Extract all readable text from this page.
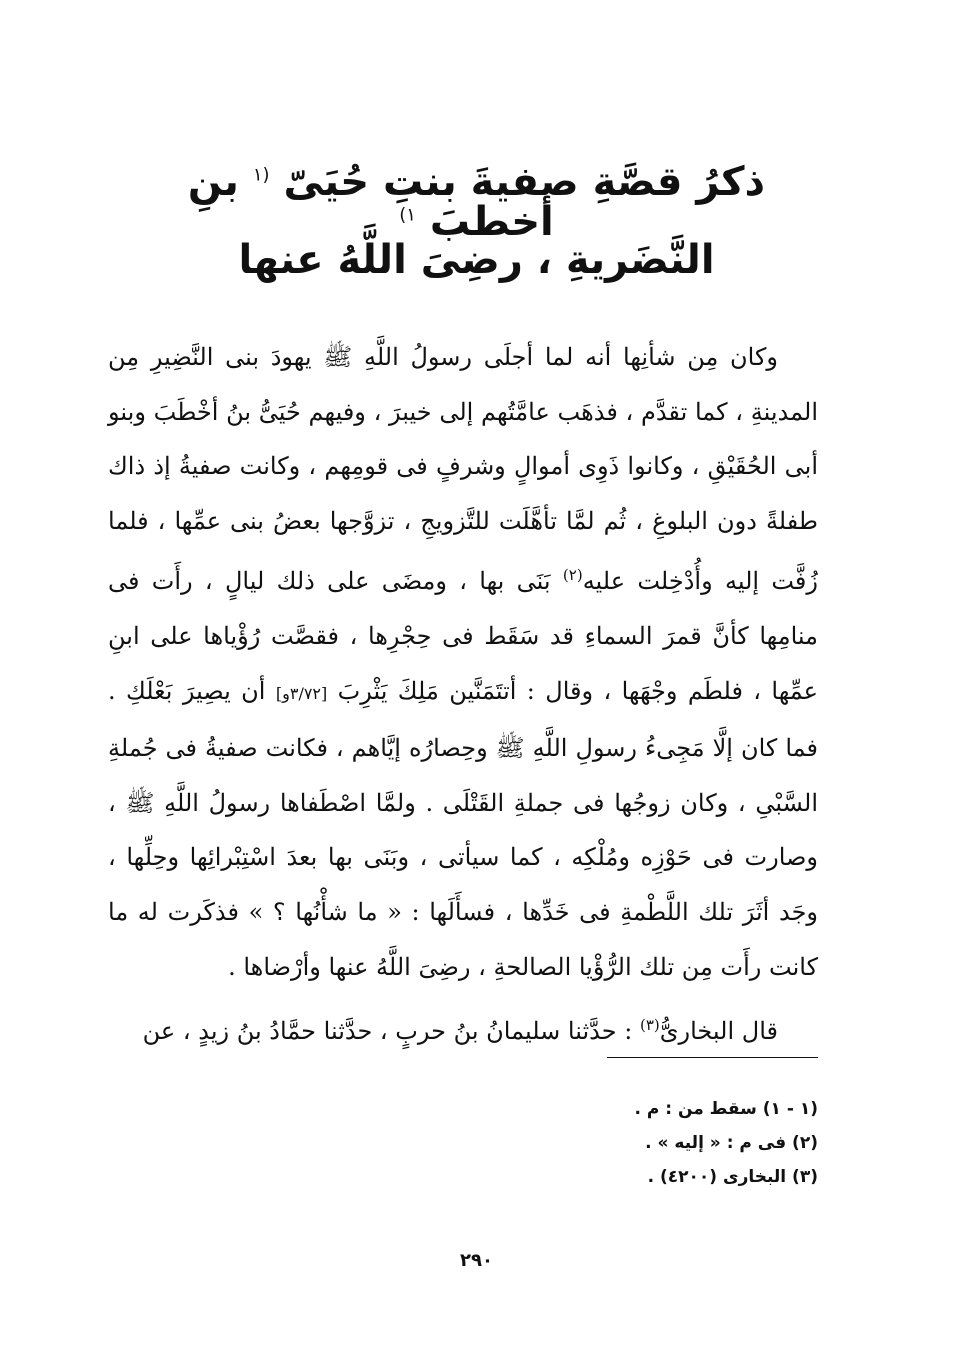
ذكرُ قصَّةِ صفيةَ بنتِ حُيَىّ $^{(١}$ بنِ أخطبَ $^{١)}$
النَّضَريةِ ، رضِىَ اللَّهُ عنها

وكان مِن شأنِها أنه لما أجلَى رسولُ اللَّهِ ﷺ يهودَ بنى النَّضِيرِ مِن المدينةِ ، كما تقدَّم ، فذهَب عامَّتُهم إلى خيبرَ ، وفيهم حُيَىُّ بنُ أخْطَبَ وبنو أبى الحُقَيْقِ ، وكانوا ذَوِى أموالٍ وشرفٍ فى قومِهم ، وكانت صفيةُ إذ ذاك طفلةً دون البلوغِ ، ثُم لمَّا تأهَّلَت للتَّزويجِ ، تزوَّجها بعضُ بنى عمِّها ، فلما زُفَّت إليه وأُدْخِلت عليه$^{(٢)}$ بَنَى بها ، ومضَى على ذلك ليالٍ ، رأَت فى منامِها كأنَّ قمرَ السماءِ قد سَقَط فى حِجْرِها ، فقصَّت رُؤْياها على ابنِ عمِّها ، فلطَم وجْهَها ، وقال : أتتَمَنَّين مَلِكَ يَثْرِبَ [٣/٧٢و] أن يصِيرَ بَعْلَكِ . فما كان إلَّا مَجِىءُ رسولِ اللَّهِ ﷺ وحِصارُه إيَّاهم ، فكانت صفيةُ فى جُملةِ السَّبْىِ ، وكان زوجُها فى جملةِ القَتْلَى . ولمَّا اصْطَفاها رسولُ اللَّهِ ﷺ ، وصارت فى حَوْزِه ومُلْكِه ، كما سيأتى ، وبَنَى بها بعدَ اسْتِبْرائِها وحِلِّها ، وجَد أثَرَ تلك اللَّطْمةِ فى خَدِّها ، فسأَلَها : « ما شأْنُها ؟ » فذكَرت له ما كانت رأَت مِن تلك الرُّؤْيا الصالحةِ ، رضِىَ اللَّهُ عنها وأرْضاها .

قال البخارىُّ$^{(٣)}$ : حدَّثنا سليمانُ بنُ حربٍ ، حدَّثنا حمَّادُ بنُ زيدٍ ، عن

(١ - ١) سقط من : م .
(٢) فى م : « إليه » .
(٣) البخارى (٤٢٠٠) .
٢٩٠
